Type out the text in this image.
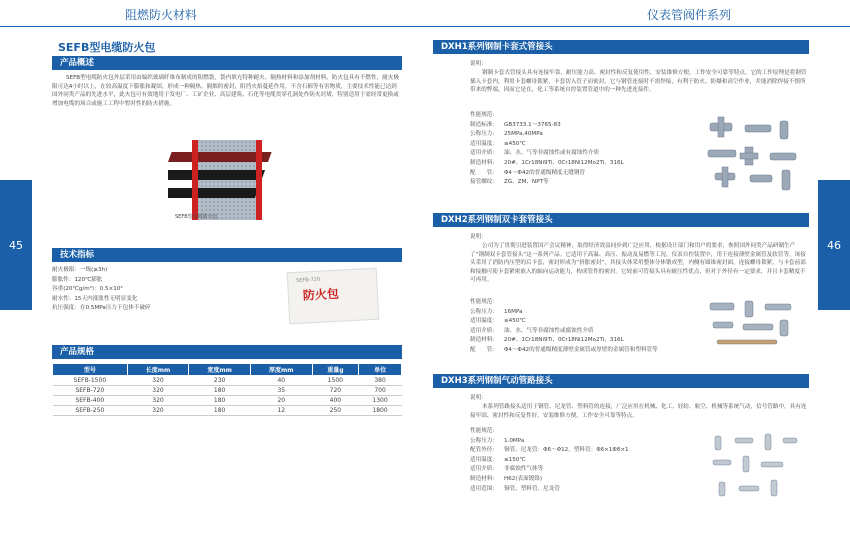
阻燃防火材料
45
SEFB型电缆防火包
产品概述
SEFB型电缆防火包外层采用由编织玻璃纤维布制成的阻燃袋，袋内填充特种耐火、隔热材料和添加剂材料，防火包具有不燃性，耐火极限可达4小时以上，在较高温度下膨胀和凝固，形成一种隔热、隔烟的密封，阻挡火焰蔓延作用，不含石棉等有害物质，主要技术性能已达到国外同类产品的先进水平，此火包可有效地用于发电厂、工矿企业、高层建筑、石化等电缆贯穿孔洞处作防火封堵，特别适用于需经常更换或增加电缆的场合或施工工程中暂时性的防火措施。
SEFB型电缆防火包
技术指标
耐火极限：一级(≥3h)
膨胀性：120℃膨胀
容重(20℃g/m³)：0.5×10³
耐水性：15天内涨胀性无明显变化
抗压强度：在0.5MPa压力下包体不破碎
防火包
SEFB-720
产品规格
型号	长度mm	宽度mm	厚度mm	重量g	单位
SEFB-1500	320	230	40	1500	380
SEFB-720	320	180	35	720	700
SEFB-400	320	180	20	400	1300
SEFB-250	320	180	12	250	1800
仪表管阀件系列
46
DXH1系列钢制卡套式管接头
说明：
钢制卡套式管接头具有连接牢靠、耐压能力高、密封性和反复使用性、安装维修方便、工作安全可靠等特点。它的工作原理是将钢管插入卡套内，利用卡套螺母锁紧，卡套切入管子而密封。它与钢管连接时不需焊接，有利于防火、防爆和高空作业，并能消除焊接不慎所带来的弊端，因而它是在，化工等系统自控装置管道中的一种先进连接件。
性能规范：
制造标准：	GB3733.1～3765-83
公称压力：	25MPa,40MPa
适用温度：	≤450℃
适用介质：	油、水、气等非腐蚀性或有腐蚀性介质
制造材料：	20#、1Cr18Ni9Ti、0Cr18Ni12Mo2Ti、316L
配　　管：	Φ4～Φ42的普通级精度无缝钢管
接管螺纹：	ZG、ZM、NPT等
DXH2系列钢制双卡套管接头
说明：
公司为了贯彻引进装置国产会议精神，取得经济效益同步到广泛应用，根据设计部门和用户的要求，参照国外同类产品研制生产了“钢制双卡套管接头”这一系列产品。它适用于高温、高压、振动及易燃等工况，仪表自控装置中，用于连接薄壁金属管及软管等。该接头采用了消防内压型的后卡套，密封形成为“挤胀密封”，其接头体采用整体分体锻成型，内侧有圆锥密封面，连接螺母锁紧，与卡套前部和接触可使卡套紧密嵌入的轴向运动能力，构成管件的密封。它较前可管接头具有耐压性优点，但对于外径有一定要求，并且卡套精度不可再用。
性能规范：
公称压力：	16MPa
适用温度：	≤450℃
适用介质：	油、水、气等非腐蚀性或腐蚀性介质
制造材料：	20#、1Cr18Ni9Ti、0Cr18Ni12Mo2Ti、316L
配　　管：	Φ4～Φ42的普通级精度薄壁金属管或厚壁的金属管和塑料管等
DXH3系列钢制气动管路接头
说明：
本系列管路接头适用于钢管、尼龙管、塑料管的连接，广泛应用在机械、化工、轻纺、航空、机械等系统气动，信号管路中，具有连接牢固、密封性和反复性好，安装维修方便，工作安全可靠等特点。
性能规范：
公称压力：	1.0MPa
配管外径：	铜管、尼龙管：Φ6～Φ12，塑料管：Φ6×1Φ8×1
适用温度：	≤150℃
适用介质：	非腐蚀性气体等
制造材料：	H62(表面镀铬)
适用范围：	铜管、塑料管、尼龙管
